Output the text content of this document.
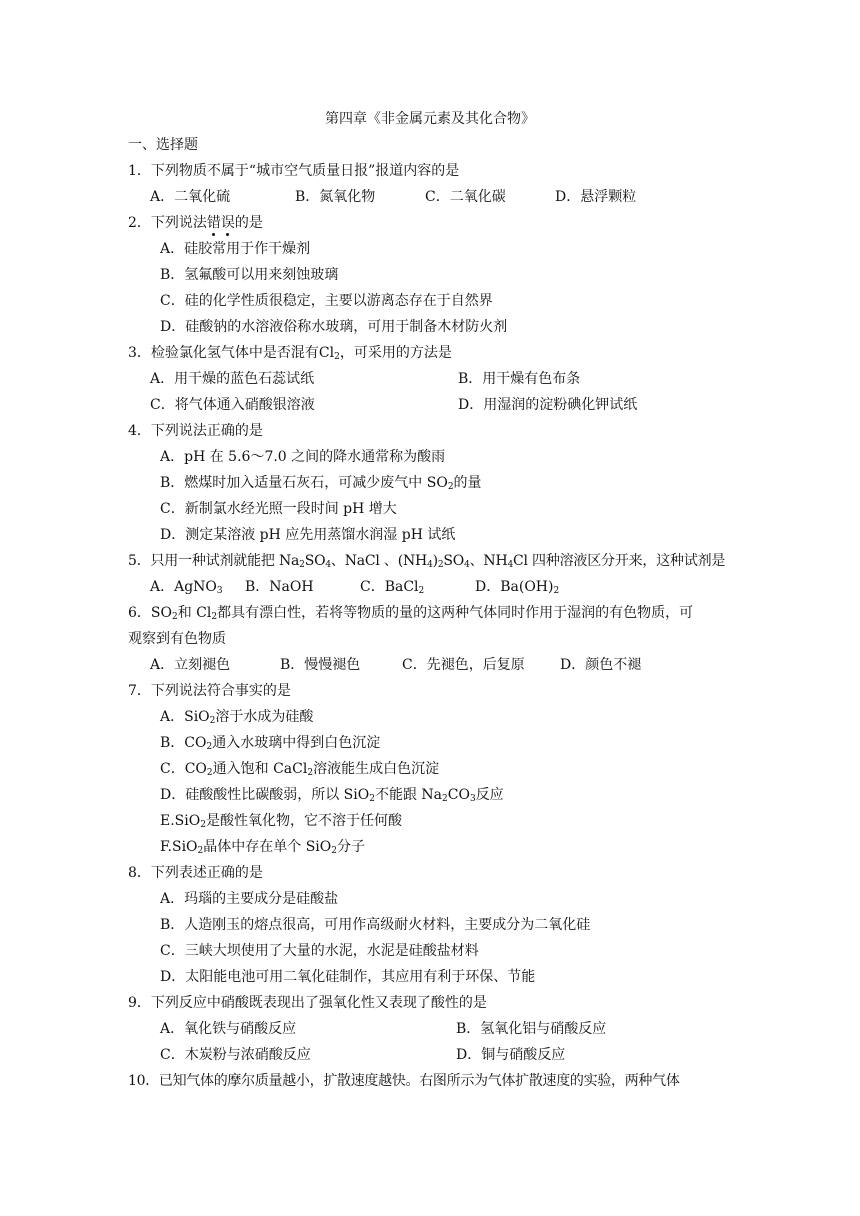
第四章《非金属元素及其化合物》
一、选择题
1．下列物质不属于“城市空气质量日报”报道内容的是
A．二氧化硫	B．氮氧化物	C．二氧化碳	D．悬浮颗粒
2．下列说法错误的是
A．硅胶常用于作干燥剂
B．氢氟酸可以用来刻蚀玻璃
C．硅的化学性质很稳定，主要以游离态存在于自然界
D．硅酸钠的水溶液俗称水玻璃，可用于制备木材防火剂
3．检验氯化氢气体中是否混有$Cl_2$，可采用的方法是
A．用干燥的蓝色石蕊试纸	B．用干燥有色布条
C．将气体通入硝酸银溶液	D．用湿润的淀粉碘化钾试纸
4．下列说法正确的是
A．pH 在 5.6～7.0 之间的降水通常称为酸雨
B．燃煤时加入适量石灰石，可减少废气中 $SO_2$的量
C．新制氯水经光照一段时间 pH 增大
D．测定某溶液 pH 应先用蒸馏水润湿 pH 试纸
5．只用一种试剂就能把 $Na_2SO_4$、NaCl 、$(NH_4)_2SO_4$、$NH_4Cl$ 四种溶液区分开来，这种试剂是
A．AgNO$_3$ B．NaOH	C．BaCl$_2$	D．$Ba(OH)_2$
6．$SO_2$和 $Cl_2$都具有漂白性，若将等物质的量的这两种气体同时作用于湿润的有色物质，可
观察到有色物质
A．立刻褪色	B．慢慢褪色	C．先褪色，后复原	D．颜色不褪
7．下列说法符合事实的是
A．SiO$_2$溶于水成为硅酸
B．$CO_2$通入水玻璃中得到白色沉淀
C．$CO_2$通入饱和 CaCl$_2$溶液能生成白色沉淀
D．硅酸酸性比碳酸弱，所以 SiO$_2$不能跟 $Na_2CO_3$反应
E.SiO$_2$是酸性氧化物，它不溶于任何酸
F.SiO$_2$晶体中存在单个 SiO$_2$分子
8．下列表述正确的是
A．玛瑙的主要成分是硅酸盐
B．人造刚玉的熔点很高，可用作高级耐火材料，主要成分为二氧化硅
C．三峡大坝使用了大量的水泥，水泥是硅酸盐材料
D．太阳能电池可用二氧化硅制作，其应用有利于环保、节能
9．下列反应中硝酸既表现出了强氧化性又表现了酸性的是
A．氧化铁与硝酸反应	B．氢氧化铝与硝酸反应
C．木炭粉与浓硝酸反应	D．铜与硝酸反应
10．已知气体的摩尔质量越小，扩散速度越快。右图所示为气体扩散速度的实验，两种气体
